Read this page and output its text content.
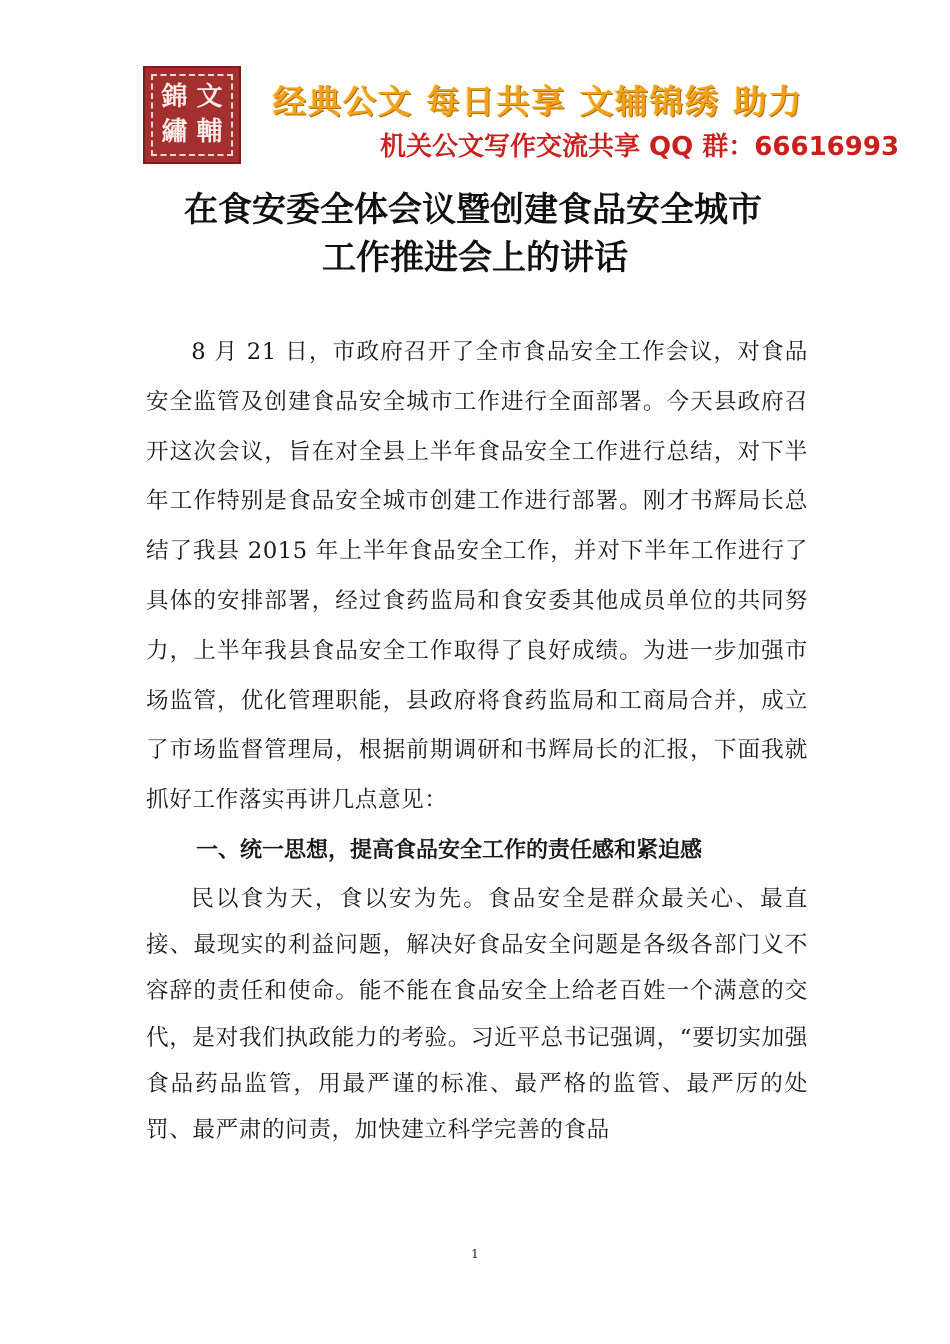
錦 文
繡 輔
经典公文 每日共享 文辅锦绣 助力
机关公文写作交流共享 QQ 群：66616993
在食安委全体会议暨创建食品安全城市
工作推进会上的讲话

8 月 21 日，市政府召开了全市食品安全工作会议，对食品安全监管及创建食品安全城市工作进行全面部署。今天县政府召开这次会议，旨在对全县上半年食品安全工作进行总结，对下半年工作特别是食品安全城市创建工作进行部署。刚才书辉局长总结了我县 2015 年上半年食品安全工作，并对下半年工作进行了具体的安排部署，经过食药监局和食安委其他成员单位的共同努力，上半年我县食品安全工作取得了良好成绩。为进一步加强市场监管，优化管理职能，县政府将食药监局和工商局合并，成立了市场监督管理局，根据前期调研和书辉局长的汇报，下面我就抓好工作落实再讲几点意见：

一、统一思想，提高食品安全工作的责任感和紧迫感

民以食为天，食以安为先。食品安全是群众最关心、最直接、最现实的利益问题，解决好食品安全问题是各级各部门义不容辞的责任和使命。能不能在食品安全上给老百姓一个满意的交代，是对我们执政能力的考验。习近平总书记强调，“要切实加强食品药品监管，用最严谨的标准、最严格的监管、最严厉的处罚、最严肃的问责，加快建立科学完善的食品

1
